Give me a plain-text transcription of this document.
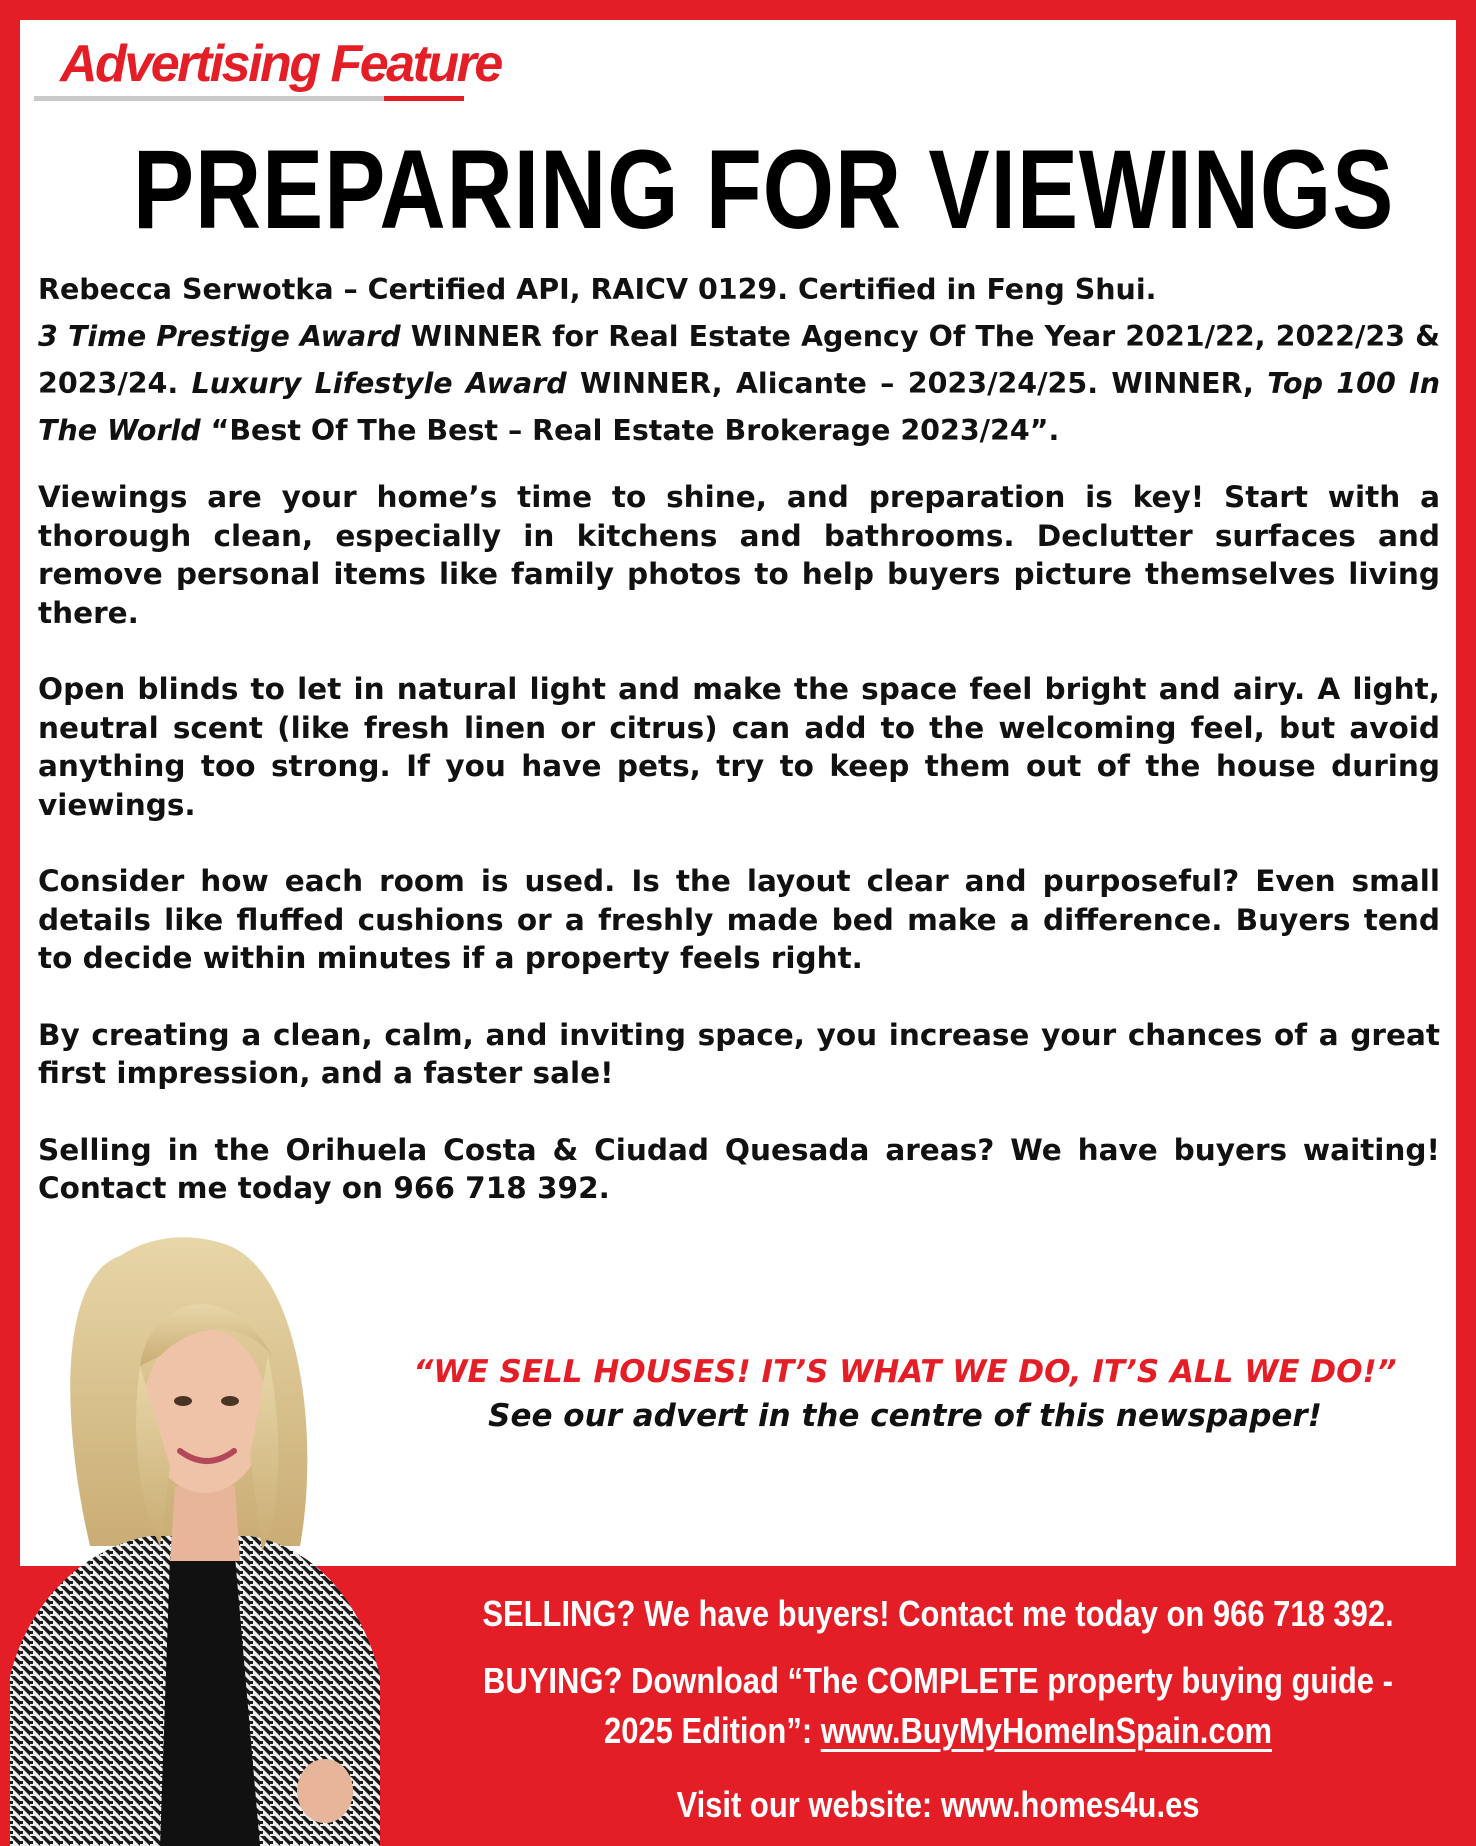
Advertising Feature
PREPARING FOR VIEWINGS
Rebecca Serwotka – Certified API, RAICV 0129. Certified in Feng Shui.
3 Time Prestige Award WINNER for Real Estate Agency Of The Year 2021/22, 2022/23 & 2023/24. Luxury Lifestyle Award WINNER, Alicante – 2023/24/25. WINNER, Top 100 In The World “Best Of The Best – Real Estate Brokerage 2023/24”.

Viewings are your home’s time to shine, and preparation is key! Start with a thorough clean, especially in kitchens and bathrooms. Declutter surfaces and remove personal items like family photos to help buyers picture themselves living there.

Open blinds to let in natural light and make the space feel bright and airy. A light, neutral scent (like fresh linen or citrus) can add to the welcoming feel, but avoid anything too strong. If you have pets, try to keep them out of the house during viewings.

Consider how each room is used. Is the layout clear and purposeful? Even small details like fluffed cushions or a freshly made bed make a difference. Buyers tend to decide within minutes if a property feels right.

By creating a clean, calm, and inviting space, you increase your chances of a great first impression, and a faster sale!

Selling in the Orihuela Costa & Ciudad Quesada areas? We have buyers waiting! Contact me today on 966 718 392.

“WE SELL HOUSES! IT’S WHAT WE DO, IT’S ALL WE DO!”
See our advert in the centre of this newspaper!
SELLING? We have buyers! Contact me today on 966 718 392.
BUYING? Download “The COMPLETE property buying guide -
2025 Edition”: www.BuyMyHomeInSpain.com
Visit our website: www.homes4u.es
